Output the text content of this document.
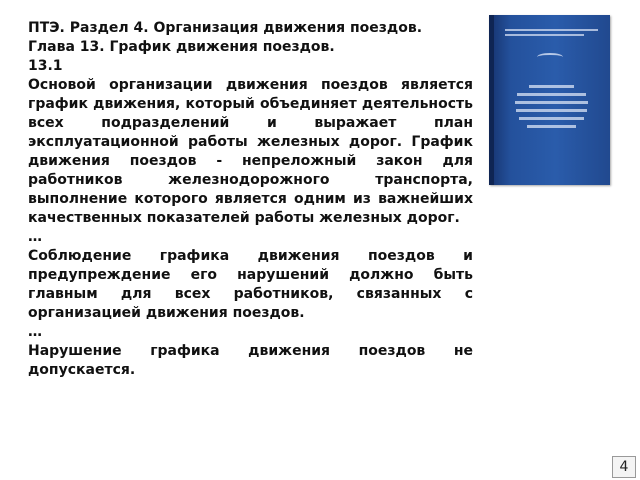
ПТЭ. Раздел 4. Организация движения поездов.

Глава 13. График движения поездов.

13.1

Основой организации движения поездов является график движения, который объединяет деятельность всех подразделений и выражает план эксплуатационной работы железных дорог. График движения поездов - непреложный закон для работников железнодорожного транспорта, выполнение которого является одним из важнейших качественных показателей работы железных дорог.

…

Соблюдение графика движения поездов и предупреждение его нарушений должно быть главным для всех работников, связанных с организацией движения поездов.

…

Нарушение графика движения поездов не допускается.

4
